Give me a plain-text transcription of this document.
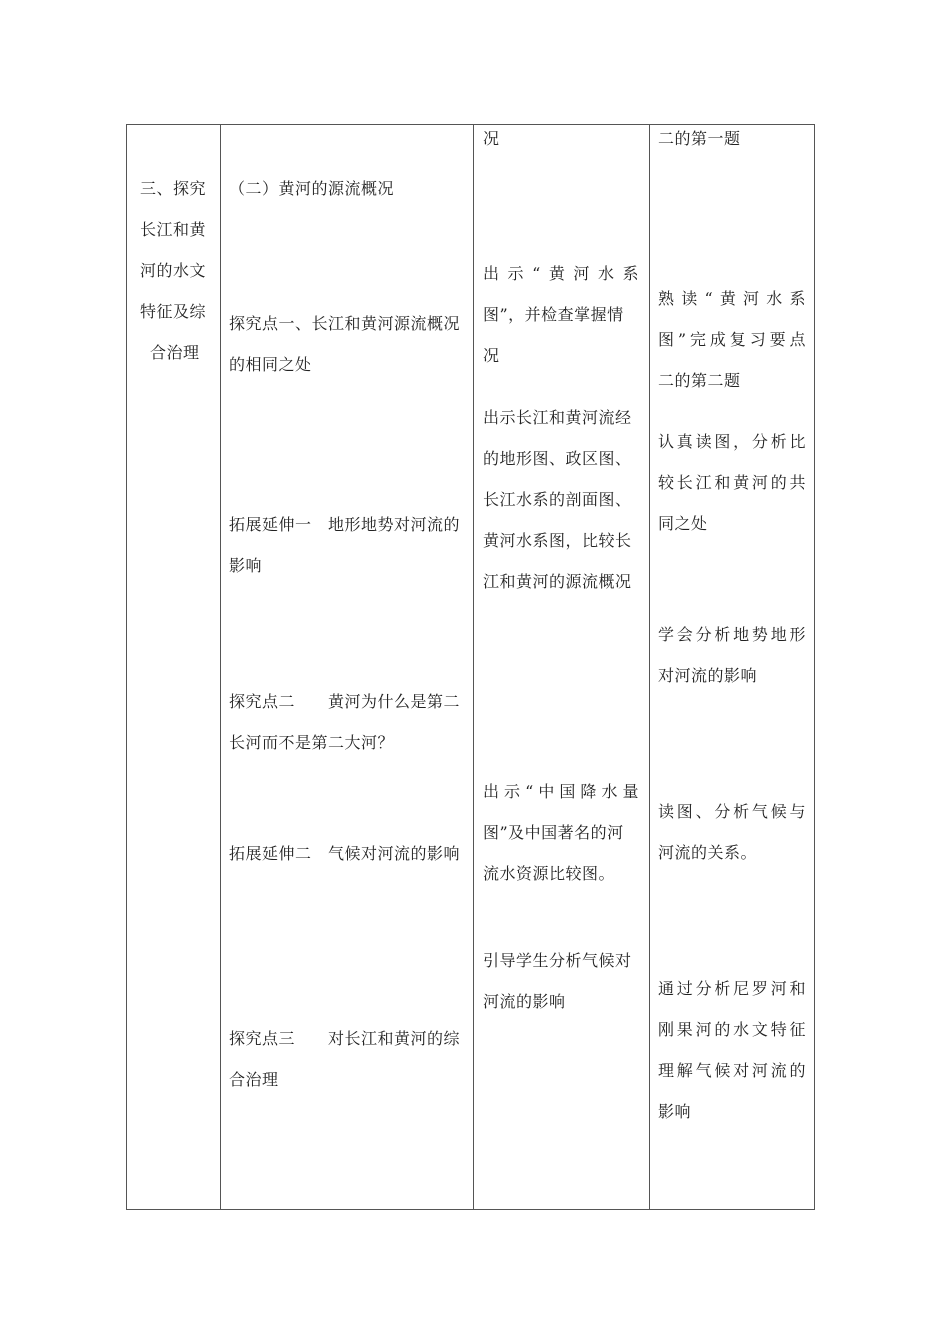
三、探究
长江和黄
河的水文
特征及综
合治理
（二）黄河的源流概况
探究点一、长江和黄河源流概况
的相同之处
拓展延伸一　地形地势对河流的
影响
探究点二　　黄河为什么是第二
长河而不是第二大河？
拓展延伸二　气候对河流的影响
探究点三　　对长江和黄河的综
合治理
况
出示“黄河水系
图”，并检查掌握情
况
出示长江和黄河流经
的地形图、政区图、
长江水系的剖面图、
黄河水系图，比较长
江和黄河的源流概况
出示“中国降水量
图”及中国著名的河
流水资源比较图。
引导学生分析气候对
河流的影响
二的第一题
熟读“黄河水系
图”完成复习要点
二的第二题
认真读图，分析比
较长江和黄河的共
同之处
学会分析地势地形
对河流的影响
读图、分析气候与
河流的关系。
通过分析尼罗河和
刚果河的水文特征
理解气候对河流的
影响
